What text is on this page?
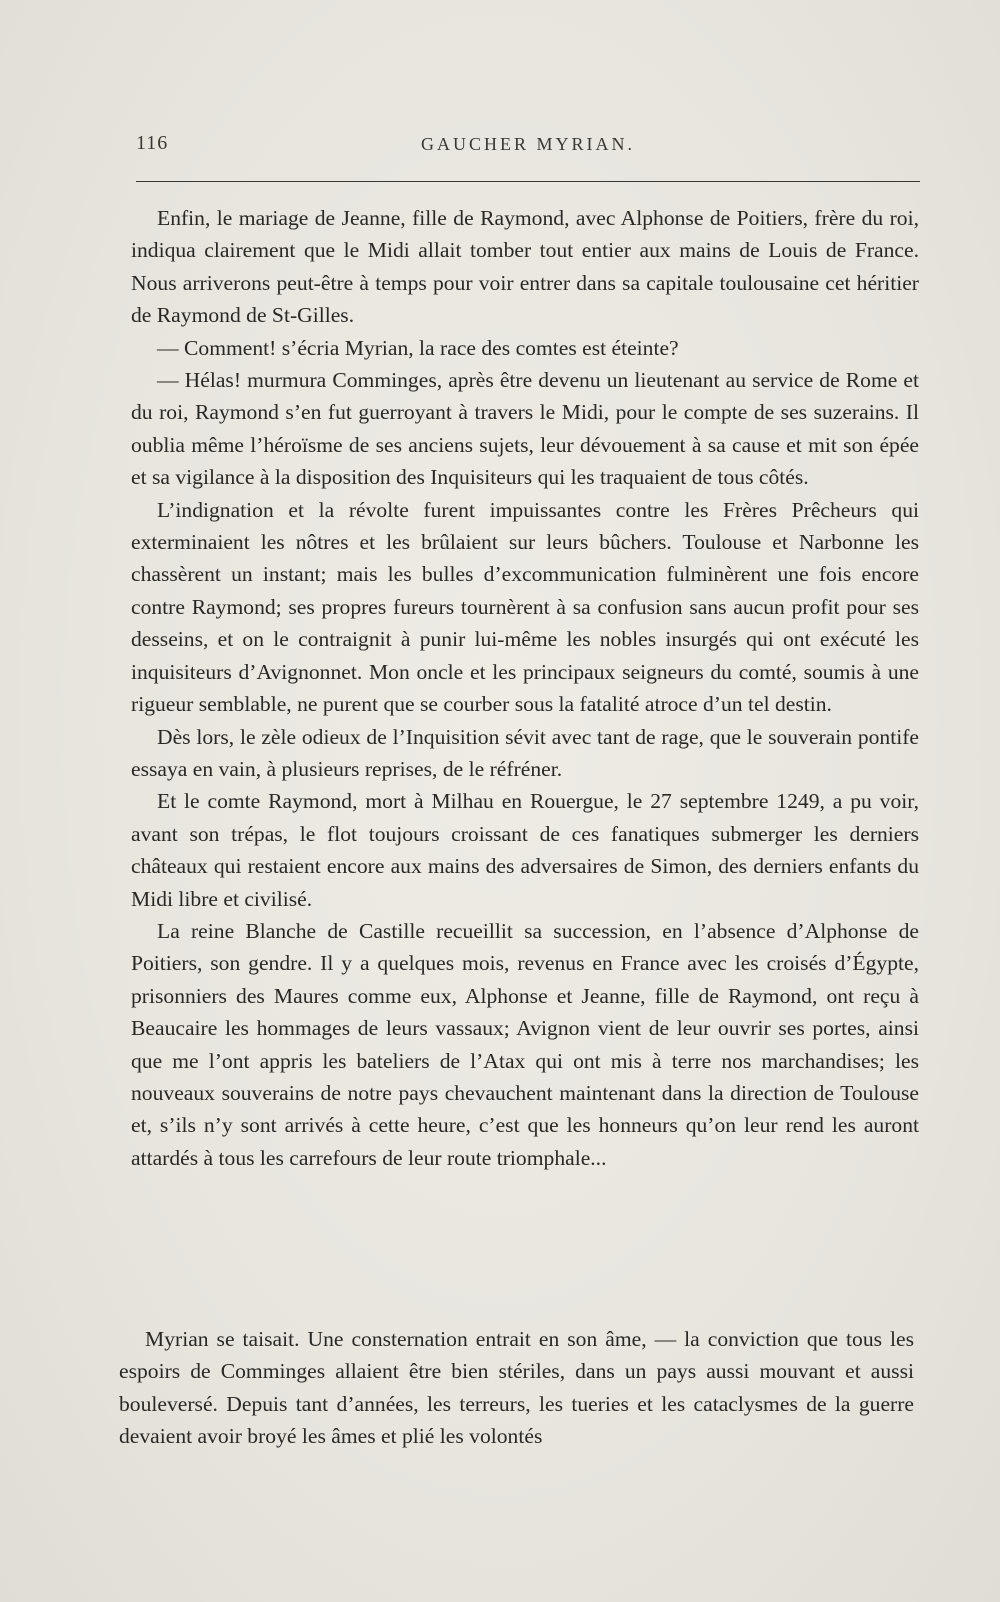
116	GAUCHER MYRIAN.

Enfin, le mariage de Jeanne, fille de Raymond, avec Alphonse de Poitiers, frère du roi, indiqua clairement que le Midi allait tomber tout entier aux mains de Louis de France. Nous arriverons peut-être à temps pour voir entrer dans sa capitale toulousaine cet héritier de Raymond de St-Gilles.

— Comment! s’écria Myrian, la race des comtes est éteinte?

— Hélas! murmura Comminges, après être devenu un lieutenant au service de Rome et du roi, Raymond s’en fut guerroyant à travers le Midi, pour le compte de ses suzerains. Il oublia même l’héroïsme de ses anciens sujets, leur dévouement à sa cause et mit son épée et sa vigilance à la disposition des Inquisiteurs qui les traquaient de tous côtés.

L’indignation et la révolte furent impuissantes contre les Frères Prêcheurs qui exterminaient les nôtres et les brûlaient sur leurs bûchers. Toulouse et Narbonne les chassèrent un instant; mais les bulles d’excommunication fulminèrent une fois encore contre Raymond; ses propres fureurs tournèrent à sa confusion sans aucun profit pour ses desseins, et on le contraignit à punir lui-même les nobles insurgés qui ont exécuté les inquisiteurs d’Avignonnet. Mon oncle et les principaux seigneurs du comté, soumis à une rigueur semblable, ne purent que se courber sous la fatalité atroce d’un tel destin.

Dès lors, le zèle odieux de l’Inquisition sévit avec tant de rage, que le souverain pontife essaya en vain, à plusieurs reprises, de le réfréner.

Et le comte Raymond, mort à Milhau en Rouergue, le 27 septembre 1249, a pu voir, avant son trépas, le flot toujours croissant de ces fanatiques submerger les derniers châteaux qui restaient encore aux mains des adversaires de Simon, des derniers enfants du Midi libre et civilisé.

La reine Blanche de Castille recueillit sa succession, en l’absence d’Alphonse de Poitiers, son gendre. Il y a quelques mois, revenus en France avec les croisés d’Égypte, prisonniers des Maures comme eux, Alphonse et Jeanne, fille de Raymond, ont reçu à Beaucaire les hommages de leurs vassaux; Avignon vient de leur ouvrir ses portes, ainsi que me l’ont appris les bateliers de l’Atax qui ont mis à terre nos marchandises; les nouveaux souverains de notre pays chevauchent maintenant dans la direction de Toulouse et, s’ils n’y sont arrivés à cette heure, c’est que les honneurs qu’on leur rend les auront attardés à tous les carrefours de leur route triomphale...

Myrian se taisait. Une consternation entrait en son âme, — la conviction que tous les espoirs de Comminges allaient être bien stériles, dans un pays aussi mouvant et aussi bouleversé. Depuis tant d’années, les terreurs, les tueries et les cataclysmes de la guerre devaient avoir broyé les âmes et plié les volontés
